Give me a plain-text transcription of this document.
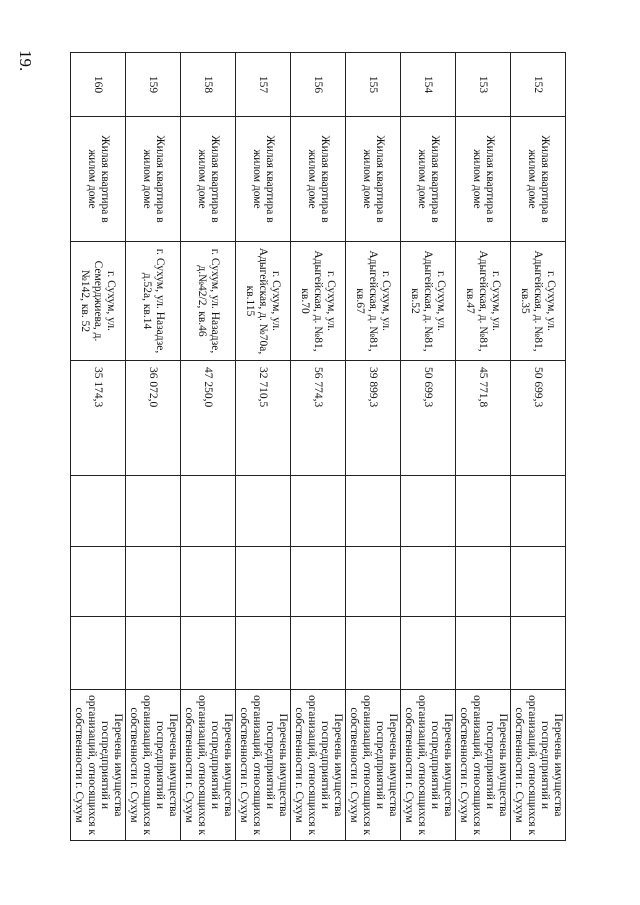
19.
152	Жилая квартира в жилом доме	г. Сухум, ул. Адыгейская, д. №81, кв.35	50 699,3				Перечень имущества госпредприятий и организаций, относящихся к собственности г. Сухум
153	Жилая квартира в жилом доме	г. Сухум, ул. Адыгейская, д. №81, кв.47	45 771,8				Перечень имущества госпредприятий и организаций, относящихся к собственности г. Сухум
154	Жилая квартира в жилом доме	г. Сухум, ул. Адыгейская, д. №81, кв.52	50 699,3				Перечень имущества госпредприятий и организаций, относящихся к собственности г. Сухум
155	Жилая квартира в жилом доме	г. Сухум, ул. Адыгейская, д. №81, кв.67	39 899,3				Перечень имущества госпредприятий и организаций, относящихся к собственности г. Сухум
156	Жилая квартира в жилом доме	г. Сухум, ул. Адыгейская, д. №81, кв.70	56 774,3				Перечень имущества госпредприятий и организаций, относящихся к собственности г. Сухум
157	Жилая квартира в жилом доме	г. Сухум, ул. Адыгейская, д. №70а, кв.115	32 710,5				Перечень имущества госпредприятий и организаций, относящихся к собственности г. Сухум
158	Жилая квартира в жилом доме	г. Сухум, ул. Назадзе, д.№42/2, кв.46	47 250,0				Перечень имущества госпредприятий и организаций, относящихся к собственности г. Сухум
159	Жилая квартира в жилом доме	г. Сухум, ул. Назадзе, д.52а, кв.14	36 072,0				Перечень имущества госпредприятий и организаций, относящихся к собственности г. Сухум
160	Жилая квартира в жилом доме	г. Сухум, ул. Семерджиева, д. №142, кв. 52	35 174,3				Перечень имущества госпредприятий и организаций, относящихся к собственности г. Сухум
